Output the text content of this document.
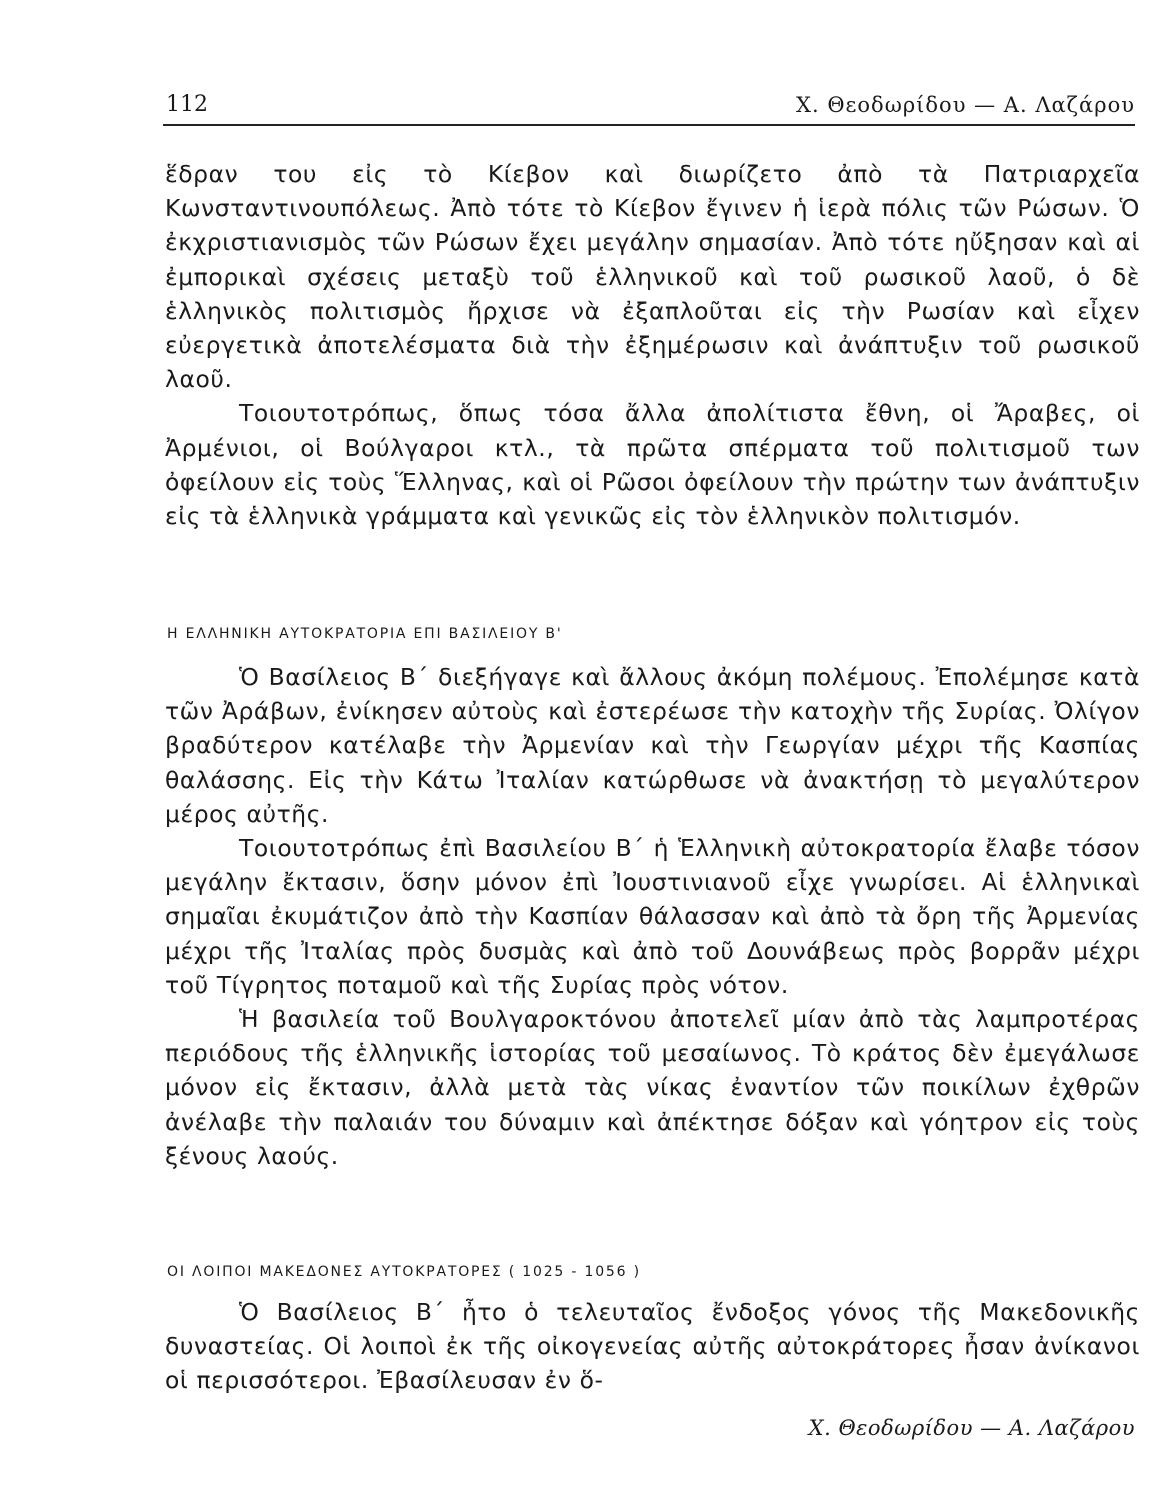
112	Χ. Θεοδωρίδου — Α. Λαζάρου

ἕδραν του εἰς τὸ Κίεβον καὶ διωρίζετο ἀπὸ τὰ Πατριαρχεῖα Κωνσταντινουπόλεως. Ἀπὸ τότε τὸ Κίεβον ἔγινεν ἡ ἱερὰ πόλις τῶν Ρώσων. Ὁ ἐκχριστιανισμὸς τῶν Ρώσων ἔχει μεγάλην σημασίαν. Ἀπὸ τότε ηὔξησαν καὶ αἱ ἐμπορικαὶ σχέσεις μεταξὺ τοῦ ἑλληνικοῦ καὶ τοῦ ρωσικοῦ λαοῦ, ὁ δὲ ἑλληνικὸς πολιτισμὸς ἤρχισε νὰ ἐξαπλοῦται εἰς τὴν Ρωσίαν καὶ εἶχεν εὐεργετικὰ ἀποτελέσματα διὰ τὴν ἐξημέρωσιν καὶ ἀνάπτυξιν τοῦ ρωσικοῦ λαοῦ.

Τοιουτοτρόπως, ὅπως τόσα ἄλλα ἀπολίτιστα ἔθνη, οἱ Ἄραβες, οἱ Ἀρμένιοι, οἱ Βούλγαροι κτλ., τὰ πρῶτα σπέρματα τοῦ πολιτισμοῦ των ὀφείλουν εἰς τοὺς Ἕλληνας, καὶ οἱ Ρῶσοι ὀφείλουν τὴν πρώτην των ἀνάπτυξιν εἰς τὰ ἑλληνικὰ γράμματα καὶ γενικῶς εἰς τὸν ἑλληνικὸν πολιτισμόν.

Η ΕΛΛΗΝΙΚΗ ΑΥΤΟΚΡΑΤΟΡΙΑ ΕΠΙ ΒΑΣΙΛΕΙΟΥ Β'

Ὁ Βασίλειος Β΄ διεξήγαγε καὶ ἄλλους ἀκόμη πολέμους. Ἐπολέμησε κατὰ τῶν Ἀράβων, ἐνίκησεν αὐτοὺς καὶ ἐστερέωσε τὴν κατοχὴν τῆς Συρίας. Ὀλίγον βραδύτερον κατέλαβε τὴν Ἀρμενίαν καὶ τὴν Γεωργίαν μέχρι τῆς Κασπίας θαλάσσης. Εἰς τὴν Κάτω Ἰταλίαν κατώρθωσε νὰ ἀνακτήσῃ τὸ μεγαλύτερον μέρος αὐτῆς.

Τοιουτοτρόπως ἐπὶ Βασιλείου Β΄ ἡ Ἑλληνικὴ αὐτοκρατορία ἔλαβε τόσον μεγάλην ἔκτασιν, ὅσην μόνον ἐπὶ Ἰουστινιανοῦ εἶχε γνωρίσει. Αἱ ἑλληνικαὶ σημαῖαι ἐκυμάτιζον ἀπὸ τὴν Κασπίαν θάλασσαν καὶ ἀπὸ τὰ ὄρη τῆς Ἀρμενίας μέχρι τῆς Ἰταλίας πρὸς δυσμὰς καὶ ἀπὸ τοῦ Δουνάβεως πρὸς βορρᾶν μέχρι τοῦ Τίγρητος ποταμοῦ καὶ τῆς Συρίας πρὸς νότον.

Ἡ βασιλεία τοῦ Βουλγαροκτόνου ἀποτελεῖ μίαν ἀπὸ τὰς λαμπροτέρας περιόδους τῆς ἑλληνικῆς ἱστορίας τοῦ μεσαίωνος. Τὸ κράτος δὲν ἐμεγάλωσε μόνον εἰς ἔκτασιν, ἀλλὰ μετὰ τὰς νίκας ἐναντίον τῶν ποικίλων ἐχθρῶν ἀνέλαβε τὴν παλαιάν του δύναμιν καὶ ἀπέκτησε δόξαν καὶ γόητρον εἰς τοὺς ξένους λαούς.

ΟΙ ΛΟΙΠΟΙ ΜΑΚΕΔΟΝΕΣ ΑΥΤΟΚΡΑΤΟΡΕΣ ( 1025 - 1056 )

Ὁ Βασίλειος Β΄ ἦτο ὁ τελευταῖος ἔνδοξος γόνος τῆς Μακεδονικῆς δυναστείας. Οἱ λοιποὶ ἐκ τῆς οἰκογενείας αὐτῆς αὐτοκράτορες ἦσαν ἀνίκανοι οἱ περισσότεροι. Ἐβασίλευσαν ἐν ὅ-

Χ. Θεοδωρίδου — Α. Λαζάρου
